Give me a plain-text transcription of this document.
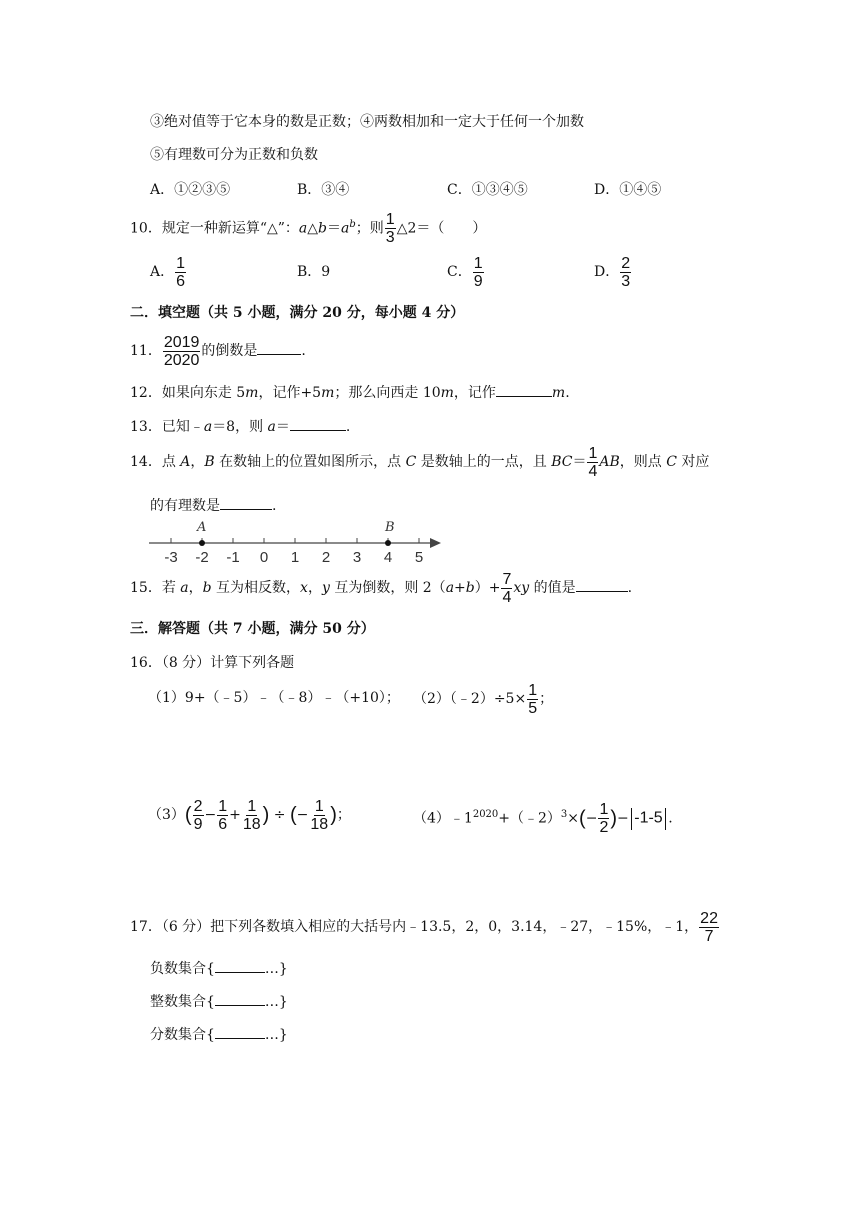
③绝对值等于它本身的数是正数；④两数相加和一定大于任何一个加数
⑤有理数可分为正数和负数
A．①②③⑤	B．③④	C．①③④⑤	D．①④⑤
10．规定一种新运算“△”：$a\triangle b=a^b$；则 $\frac{1}{3}$ △2＝（　　）
A． $\frac{1}{6}$	B．9	C． $\frac{1}{9}$	D． $\frac{2}{3}$
二．填空题（共 5 小题，满分 20 分，每小题 4 分）
11． $\frac{2019}{2020}$ 的倒数是	.
12．如果向东走 5m，记作+5m；那么向西走 10m，记作	m.
13．已知﹣a＝8，则 a＝	.
14．点 A，B 在数轴上的位置如图所示，点 C 是数轴上的一点，且 $BC= \frac{1}{4}$ AB，则点 C 对应
的有理数是	.
-3 -2 -1 0 1 2 3 4 5
A	B
15．若 a，b 互为相反数，x，y 互为倒数，则 $2(a+b)+ \frac{7}{4}$ xy 的值是	.
三．解答题（共 7 小题，满分 50 分）
16．（8 分）计算下列各题
（1）9+（﹣5）﹣（﹣8）﹣（+10）； （2）（﹣2）÷5× $\frac{1}{5}$ ；
$(3)( \frac{2}{9} - \frac{1}{6} + \frac{1}{18}$ ) ÷ (− $\frac{1}{18}$ )；	$(4)﹣1^{2020}+(﹣2)^3\times(- \frac{1}{2}$ )− -1-5 .
17．（6 分）把下列各数填入相应的大括号内﹣13.5，2，0，3.14，﹣27，﹣15%，﹣1， $\frac{22}{7}$
负数集合{	…}
整数集合{	…}
分数集合{	…}
